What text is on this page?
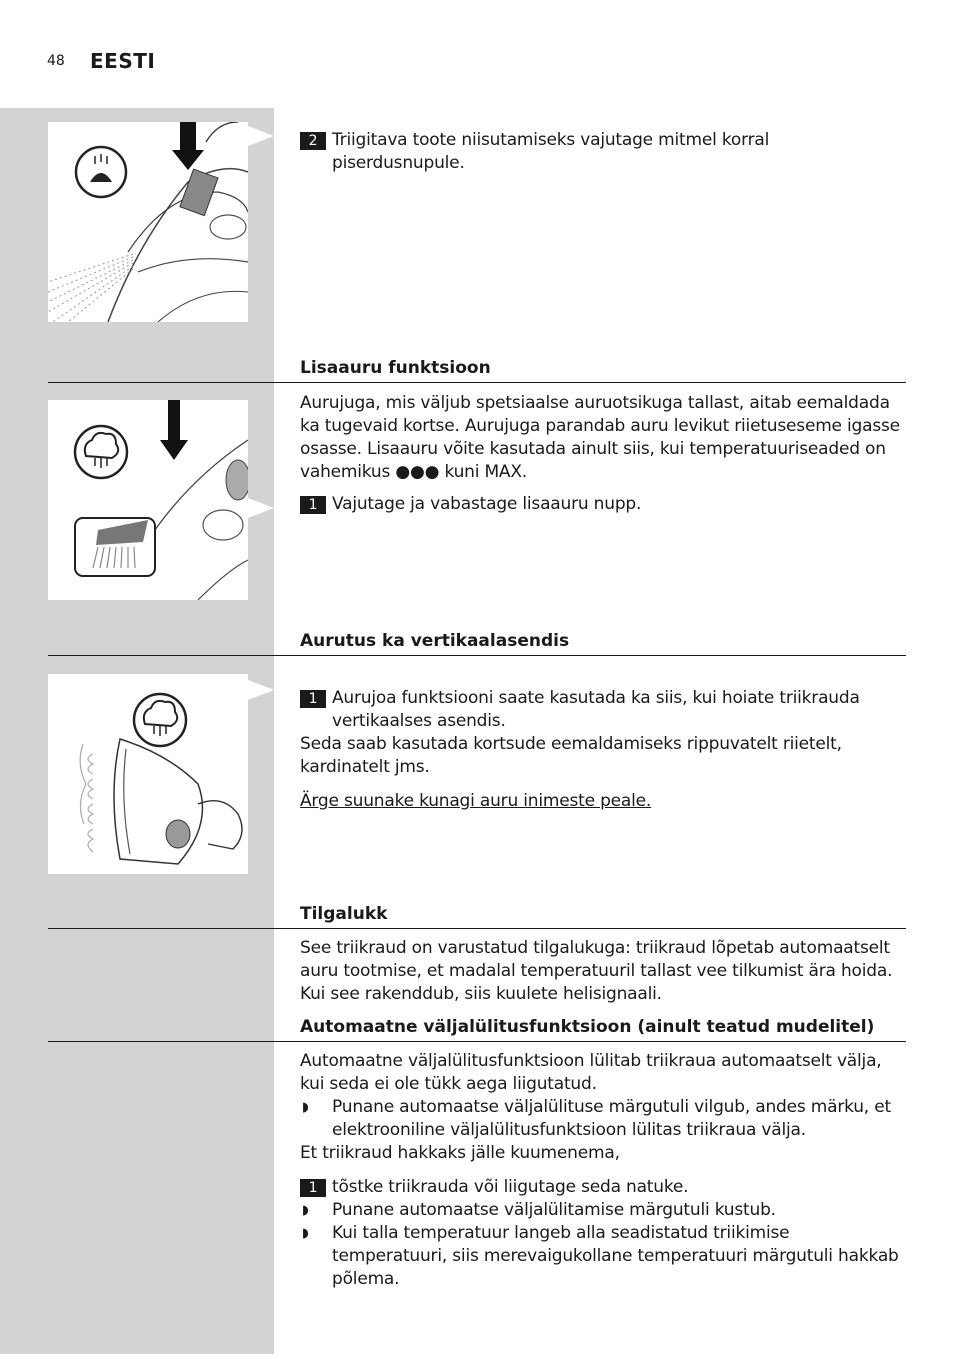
48 EESTI
2 Triigitava toote niisutamiseks vajutage mitmel korral piserdusnupule.
Lisaauru funktsioon
Aurujuga, mis väljub spetsiaalse auruotsikuga tallast, aitab eemaldada ka tugevaid kortse. Aurujuga parandab auru levikut riietuseseme igasse osasse. Lisaauru võite kasutada ainult siis, kui temperatuuriseaded on vahemikus ●●● kuni MAX.
1 Vajutage ja vabastage lisaauru nupp.
Aurutus ka vertikaalasendis
1 Aurujoa funktsiooni saate kasutada ka siis, kui hoiate triikrauda vertikaalses asendis.
Seda saab kasutada kortsude eemaldamiseks rippuvatelt riietelt, kardinatelt jms.
Ärge suunake kunagi auru inimeste peale.
Tilgalukk
See triikraud on varustatud tilgalukuga: triikraud lõpetab automaatselt auru tootmise, et madalal temperatuuril tallast vee tilkumist ära hoida. Kui see rakenddub, siis kuulete helisignaali.
Automaatne väljalülitusfunktsioon (ainult teatud mudelitel)
Automaatne väljalülitusfunktsioon lülitab triikraua automaatselt välja, kui seda ei ole tükk aega liigutatud.
◗ Punane automaatse väljalülituse märgutuli vilgub, andes märku, et elektrooniline väljalülitusfunktsioon lülitas triikraua välja.
Et triikraud hakkaks jälle kuumenema,
1 tõstke triikrauda või liigutage seda natuke.
◗ Punane automaatse väljalülitamise märgutuli kustub.
◗ Kui talla temperatuur langeb alla seadistatud triikimise temperatuuri, siis merevaigukollane temperatuuri märgutuli hakkab põlema.
